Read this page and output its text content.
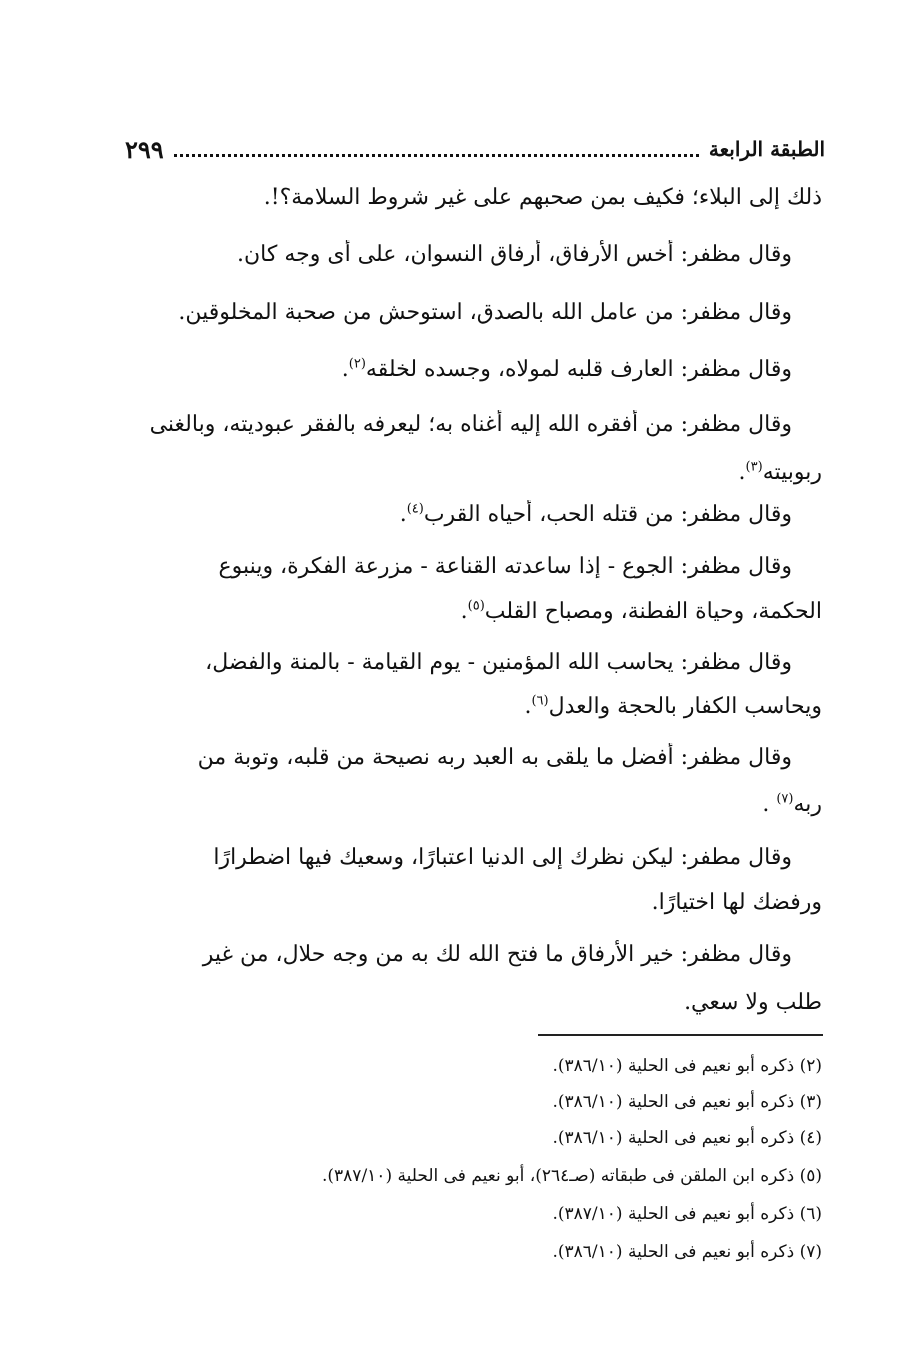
الطبقة الرابعة
٢٩٩
ذلك إلى البلاء؛ فكيف بمن صحبهم على غير شروط السلامة؟!.
وقال مظفر: أخس الأرفاق، أرفاق النسوان، على أى وجه كان.
وقال مظفر: من عامل الله بالصدق، استوحش من صحبة المخلوقين.
وقال مظفر: العارف قلبه لمولاه، وجسده لخلقه$^{(٢)}$.
وقال مظفر: من أفقره الله إليه أغناه به؛ ليعرفه بالفقر عبوديته، وبالغنى
ربوبيته$^{(٣)}$.
وقال مظفر: من قتله الحب، أحياه القرب$^{(٤)}$.
وقال مظفر: الجوع - إذا ساعدته القناعة - مزرعة الفكرة، وينبوع
الحكمة، وحياة الفطنة، ومصباح القلب$^{(٥)}$.
وقال مظفر: يحاسب الله المؤمنين - يوم القيامة - بالمنة والفضل،
ويحاسب الكفار بالحجة والعدل$^{(٦)}$.
وقال مظفر: أفضل ما يلقى به العبد ربه نصيحة من قلبه، وتوبة من
ربه$^{(٧)}$ .
وقال مطفر: ليكن نظرك إلى الدنيا اعتبارًا، وسعيك فيها اضطرارًا
ورفضك لها اختيارًا.
وقال مظفر: خير الأرفاق ما فتح الله لك به من وجه حلال، من غير
طلب ولا سعي.
(٢) ذكره أبو نعيم فى الحلية (٣٨٦/١٠).
(٣) ذكره أبو نعيم فى الحلية (٣٨٦/١٠).
(٤) ذكره أبو نعيم فى الحلية (٣٨٦/١٠).
(٥) ذكره ابن الملقن فى طبقاته (صـ٢٦٤)، أبو نعيم فى الحلية (٣٨٧/١٠).
(٦) ذكره أبو نعيم فى الحلية (٣٨٧/١٠).
(٧) ذكره أبو نعيم فى الحلية (٣٨٦/١٠).
